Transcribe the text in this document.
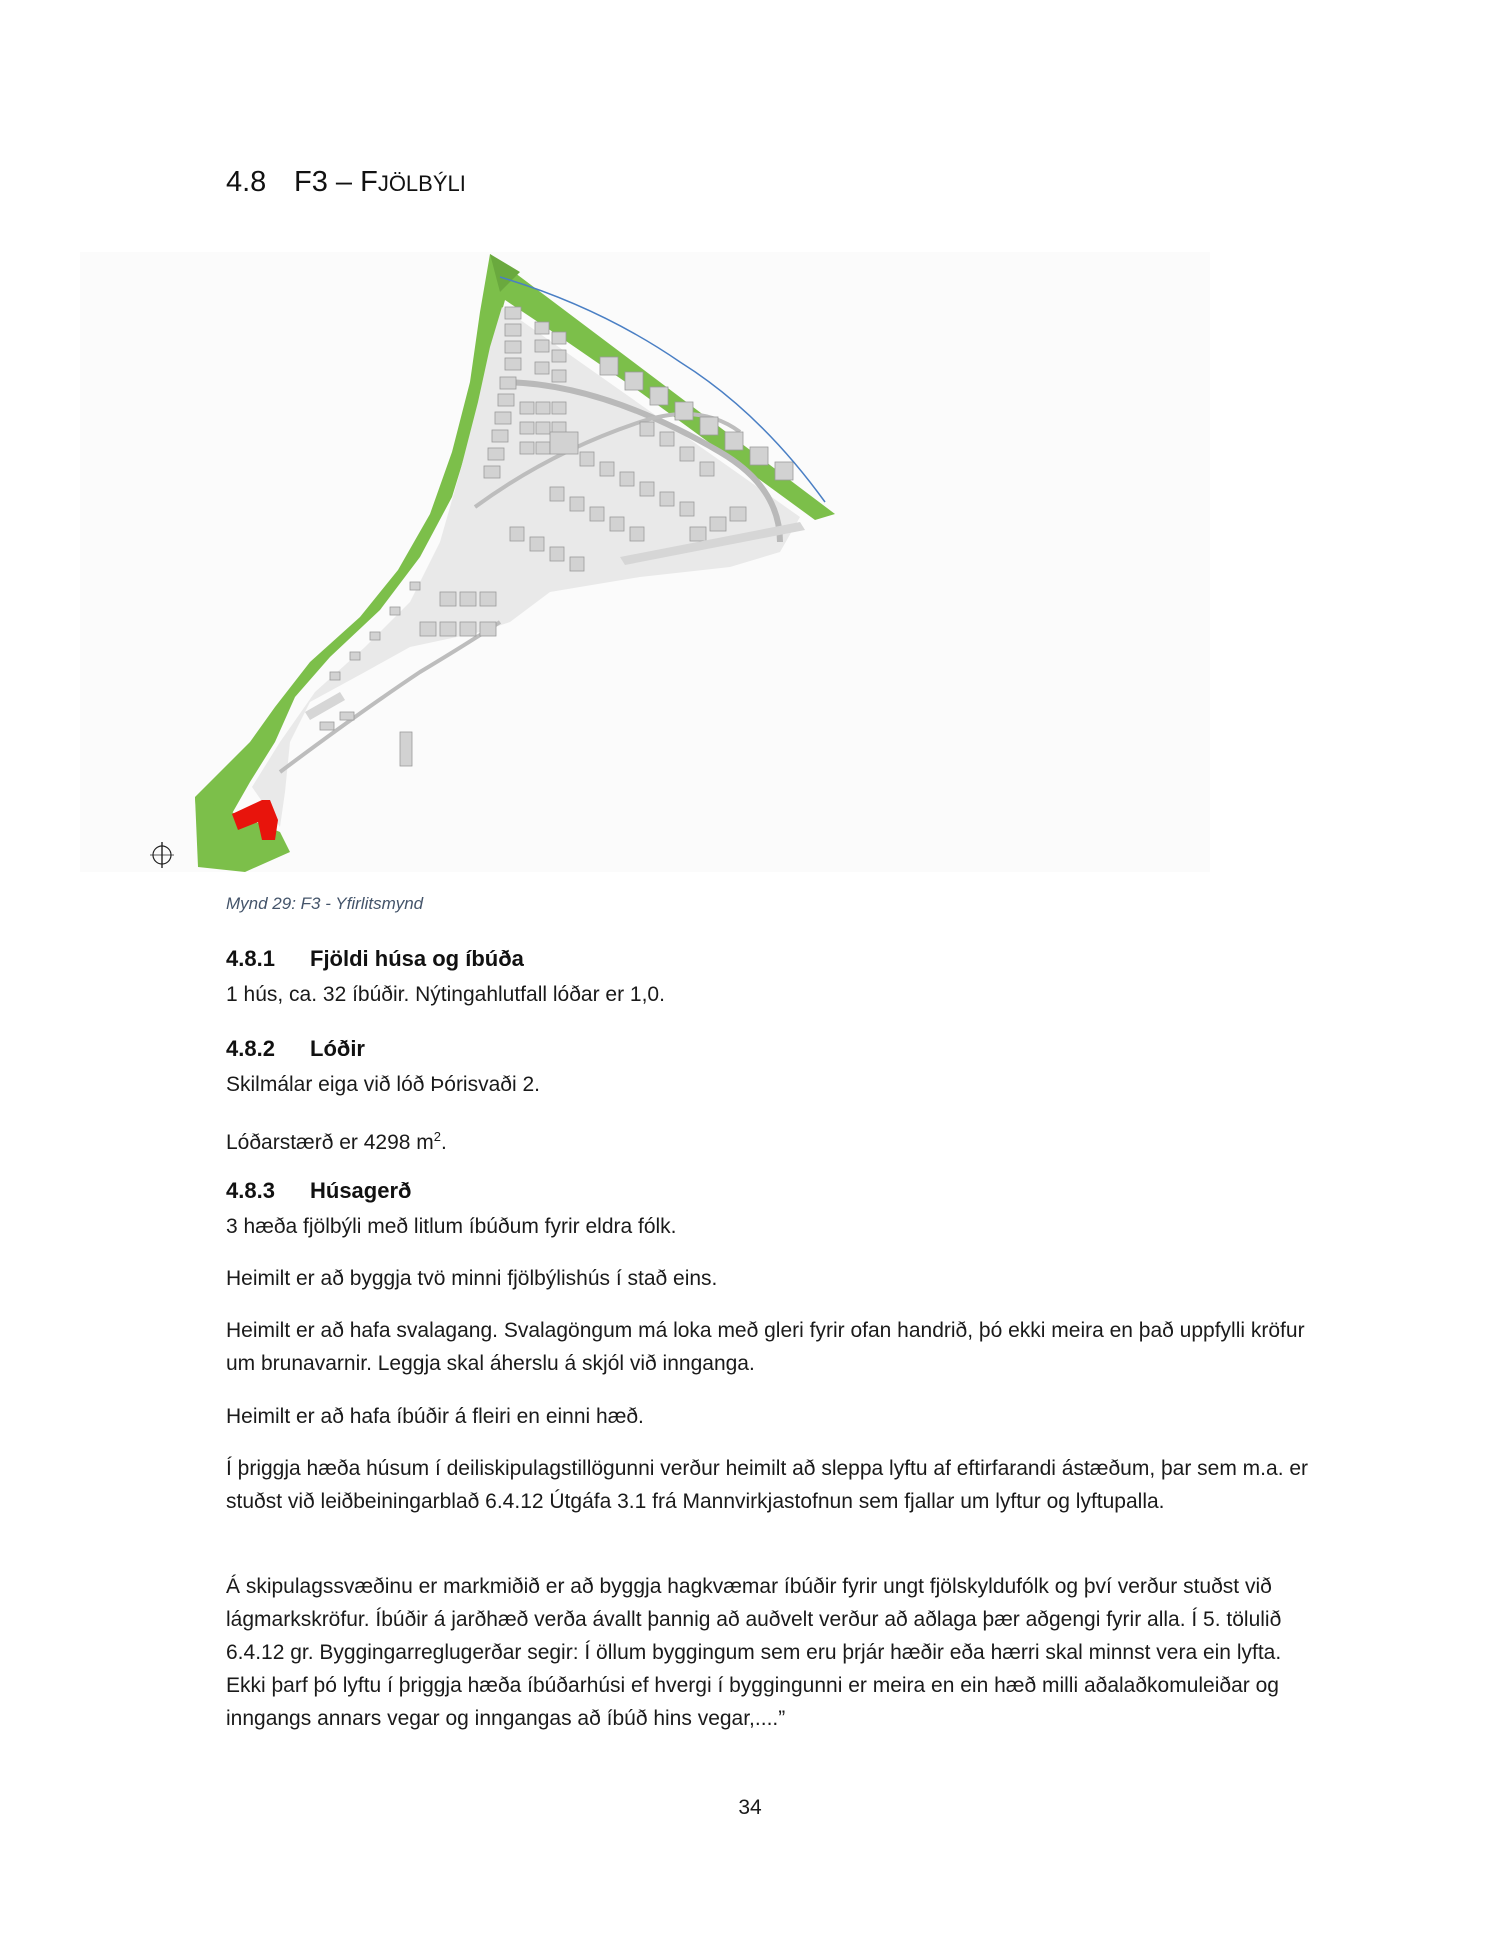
4.8 F3 – FJÖLBÝLI
Mynd 29: F3 - Yfirlitsmynd
4.8.1 Fjöldi húsa og íbúða
1 hús, ca. 32 íbúðir. Nýtingahlutfall lóðar er 1,0.
4.8.2 Lóðir
Skilmálar eiga við lóð Þórisvaði 2.
Lóðarstærð er 4298 $m^2$.
4.8.3 Húsagerð
3 hæða fjölbýli með litlum íbúðum fyrir eldra fólk.
Heimilt er að byggja tvö minni fjölbýlishús í stað eins.
Heimilt er að hafa svalagang. Svalagöngum má loka með gleri fyrir ofan handrið, þó ekki meira en það uppfylli kröfur um brunavarnir. Leggja skal áherslu á skjól við innganga.
Heimilt er að hafa íbúðir á fleiri en einni hæð.
Í þriggja hæða húsum í deiliskipulagstillögunni verður heimilt að sleppa lyftu af eftirfarandi ástæðum, þar sem m.a. er stuðst við leiðbeiningarblað 6.4.12 Útgáfa 3.1 frá Mannvirkjastofnun sem fjallar um lyftur og lyftupalla.
Á skipulagssvæðinu er markmiðið er að byggja hagkvæmar íbúðir fyrir ungt fjölskyldufólk og því verður stuðst við lágmarkskröfur. Íbúðir á jarðhæð verða ávallt þannig að auðvelt verður að aðlaga þær aðgengi fyrir alla. Í 5. tölulið 6.4.12 gr. Byggingarreglugerðar segir: Í öllum byggingum sem eru þrjár hæðir eða hærri skal minnst vera ein lyfta. Ekki þarf þó lyftu í þriggja hæða íbúðarhúsi ef hvergi í byggingunni er meira en ein hæð milli aðalaðkomuleiðar og inngangs annars vegar og inngangas að íbúð hins vegar,....”
34
